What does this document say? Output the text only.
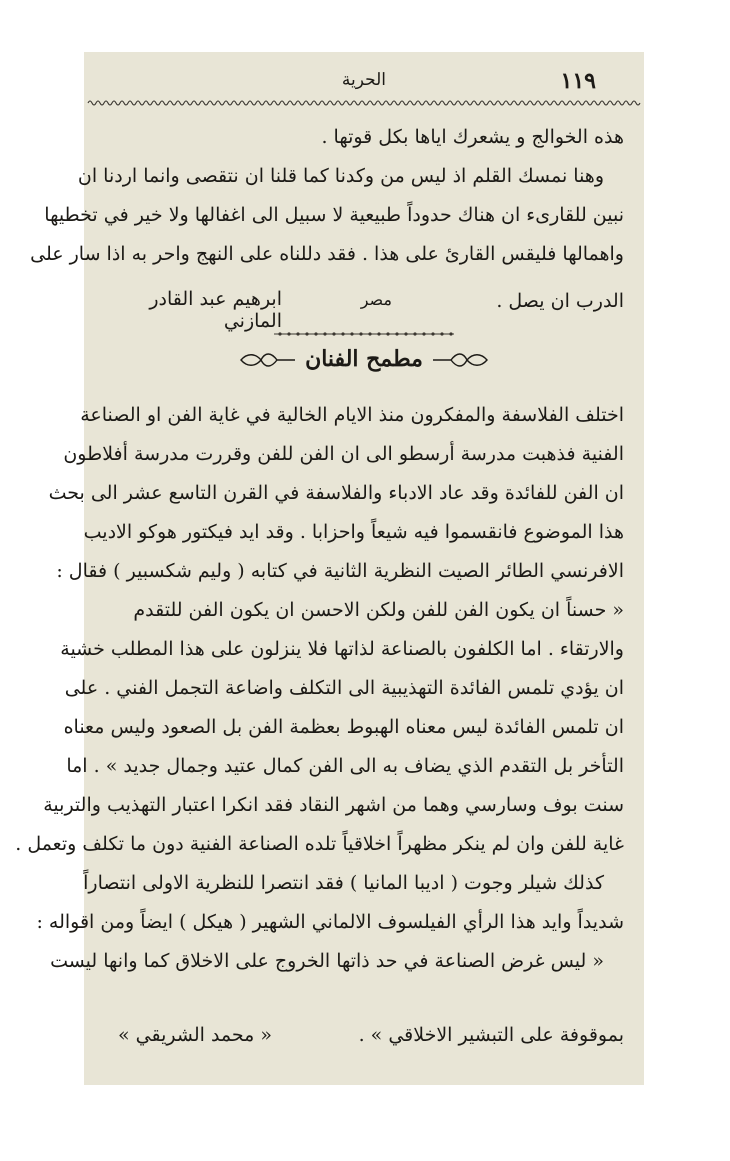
١١٩
الحرية
هذه الخوالج و يشعرك اياها بكل قوتها .
وهنا نمسك القلم اذ ليس من وكدنا كما قلنا ان نتقصى وانما اردنا ان
نبين للقارىء ان هناك حدوداً طبيعية لا سبيل الى اغفالها ولا خير في تخطيها
واهمالها فليقس القارئ على هذا . فقد دللناه على النهج واحر به اذا سار على
الدرب ان يصل .
مصر
ابرهيم عبد القادر المازني
مطمح الفنان
اختلف الفلاسفة والمفكرون منذ الايام الخالية في غاية الفن او الصناعة
الفنية فذهبت مدرسة أرسطو الى ان الفن للفن وقررت مدرسة أفلاطون
ان الفن للفائدة وقد عاد الادباء والفلاسفة في القرن التاسع عشر الى بحث
هذا الموضوع فانقسموا فيه شيعاً واحزابا . وقد ايد فيكتور هوكو الاديب
الافرنسي الطائر الصيت النظرية الثانية في كتابه ( وليم شكسبير ) فقال :
« حسناً ان يكون الفن للفن ولكن الاحسن ان يكون الفن للتقدم
والارتقاء . اما الكلفون بالصناعة لذاتها فلا ينزلون على هذا المطلب خشية
ان يؤدي تلمس الفائدة التهذيبية الى التكلف واضاعة التجمل الفني . على
ان تلمس الفائدة ليس معناه الهبوط بعظمة الفن بل الصعود وليس معناه
التأخر بل التقدم الذي يضاف به الى الفن كمال عتيد وجمال جديد » . اما
سنت بوف وسارسي وهما من اشهر النقاد فقد انكرا اعتبار التهذيب والتربية
غاية للفن وان لم ينكر مظهراً اخلاقياً تلده الصناعة الفنية دون ما تكلف وتعمل .
كذلك شيلر وجوت ( اديبا المانيا ) فقد انتصرا للنظرية الاولى انتصاراً
شديداً وايد هذا الرأي الفيلسوف الالماني الشهير ( هيكل ) ايضاً ومن اقواله :
« ليس غرض الصناعة في حد ذاتها الخروج على الاخلاق كما وانها ليست
بموقوفة على التبشير الاخلاقي » .
« محمد الشريقي »
